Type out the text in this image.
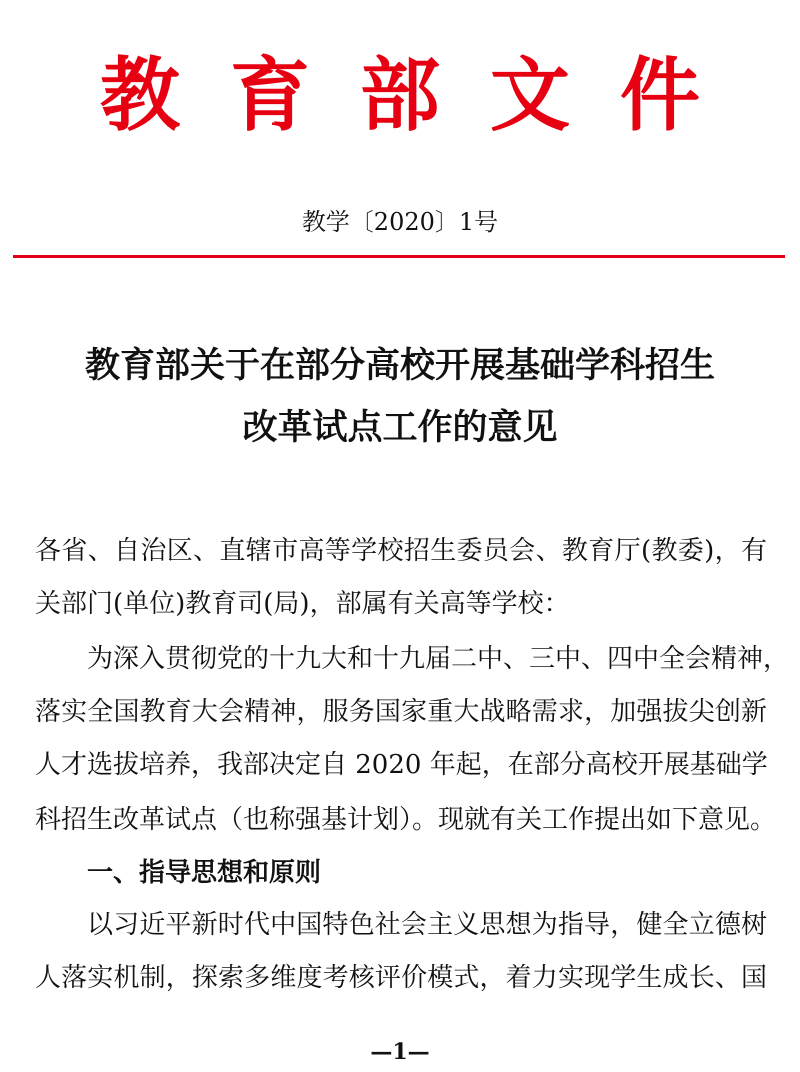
教 育 部 文 件
教学〔2020〕1号
教育部关于在部分高校开展基础学科招生
改革试点工作的意见
各省、自治区、直辖市高等学校招生委员会、教育厅(教委)，有
关部门(单位)教育司(局)，部属有关高等学校：
为深入贯彻党的十九大和十九届二中、三中、四中全会精神，
落实全国教育大会精神，服务国家重大战略需求，加强拔尖创新
人才选拔培养，我部决定自 2020 年起，在部分高校开展基础学
科招生改革试点（也称强基计划）。现就有关工作提出如下意见。
一、指导思想和原则
以习近平新时代中国特色社会主义思想为指导，健全立德树
人落实机制，探索多维度考核评价模式，着力实现学生成长、国
—1—
